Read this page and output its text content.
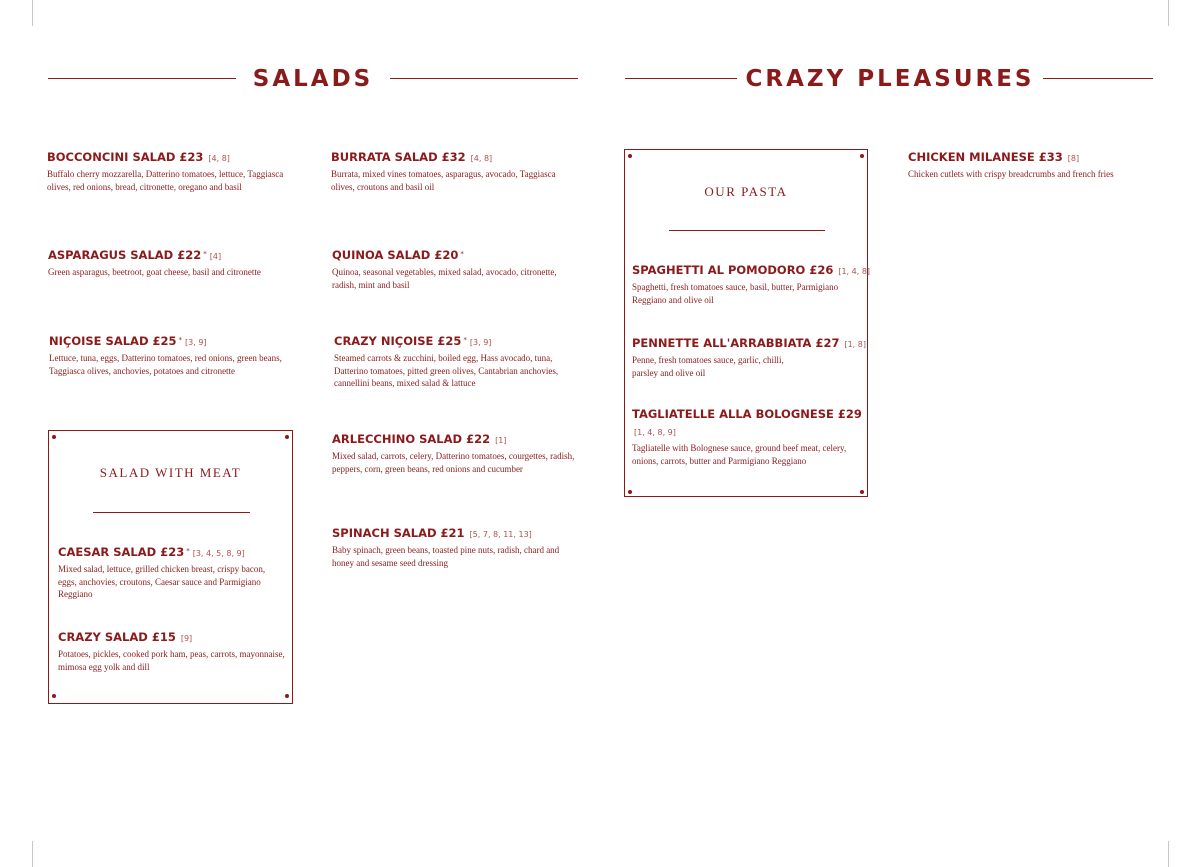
SALADS	CRAZY PLEASURES
BOCCONCINI SALAD £23 [4, 8]
Buffalo cherry mozzarella, Datterino tomatoes, lettuce, Taggiasca olives, red onions, bread, citronette, oregano and basil
ASPARAGUS SALAD £22 * [4]
Green asparagus, beetroot, goat cheese, basil and citronette
NIÇOISE SALAD £25 * [3, 9]
Lettuce, tuna, eggs, Datterino tomatoes, red onions, green beans, Taggiasca olives, anchovies, potatoes and citronette
BURRATA SALAD £32 [4, 8]
Burrata, mixed vines tomatoes, asparagus, avocado, Taggiasca olives, croutons and basil oil
QUINOA SALAD £20 *
Quinoa, seasonal vegetables, mixed salad, avocado, citronette, radish, mint and basil
CRAZY NIÇOISE £25 * [3, 9]
Steamed carrots & zucchini, boiled egg, Hass avocado, tuna, Datterino tomatoes, pitted green olives, Cantabrian anchovies, cannellini beans, mixed salad & lattuce
ARLECCHINO SALAD £22 [1]
Mixed salad, carrots, celery, Datterino tomatoes, courgettes, radish, peppers, corn, green beans, red onions and cucumber
SPINACH SALAD £21 [5, 7, 8, 11, 13]
Baby spinach, green beans, toasted pine nuts, radish, chard and honey and sesame seed dressing
SALAD WITH MEAT
CAESAR SALAD £23 * [3, 4, 5, 8, 9]
Mixed salad, lettuce, grilled chicken breast, crispy bacon, eggs, anchovies, croutons, Caesar sauce and Parmigiano Reggiano
CRAZY SALAD £15 [9]
Potatoes, pickles, cooked pork ham, peas, carrots, mayonnaise, mimosa egg yolk and dill
OUR PASTA
SPAGHETTI AL POMODORO £26 [1, 4, 8]
Spaghetti, fresh tomatoes sauce, basil, butter, Parmigiano Reggiano and olive oil
PENNETTE ALL'ARRABBIATA £27 [1, 8]
Penne, fresh tomatoes sauce, garlic, chilli, parsley and olive oil
TAGLIATELLE ALLA BOLOGNESE £29
[1, 4, 8, 9]
Tagliatelle with Bolognese sauce, ground beef meat, celery, onions, carrots, butter and Parmigiano Reggiano
CHICKEN MILANESE £33 [8]
Chicken cutlets with crispy breadcrumbs and french fries
